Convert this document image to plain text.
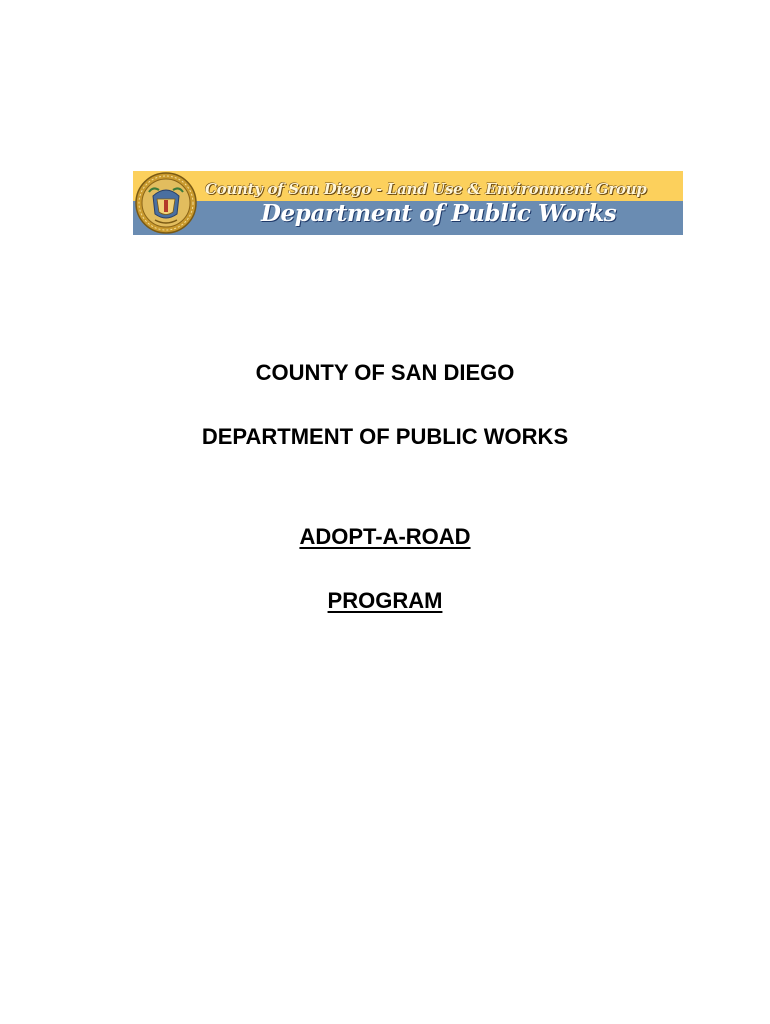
County of San Diego - Land Use & Environment Group
Department of Public Works
COUNTY OF SAN DIEGO
DEPARTMENT OF PUBLIC WORKS
ADOPT-A-ROAD
PROGRAM
